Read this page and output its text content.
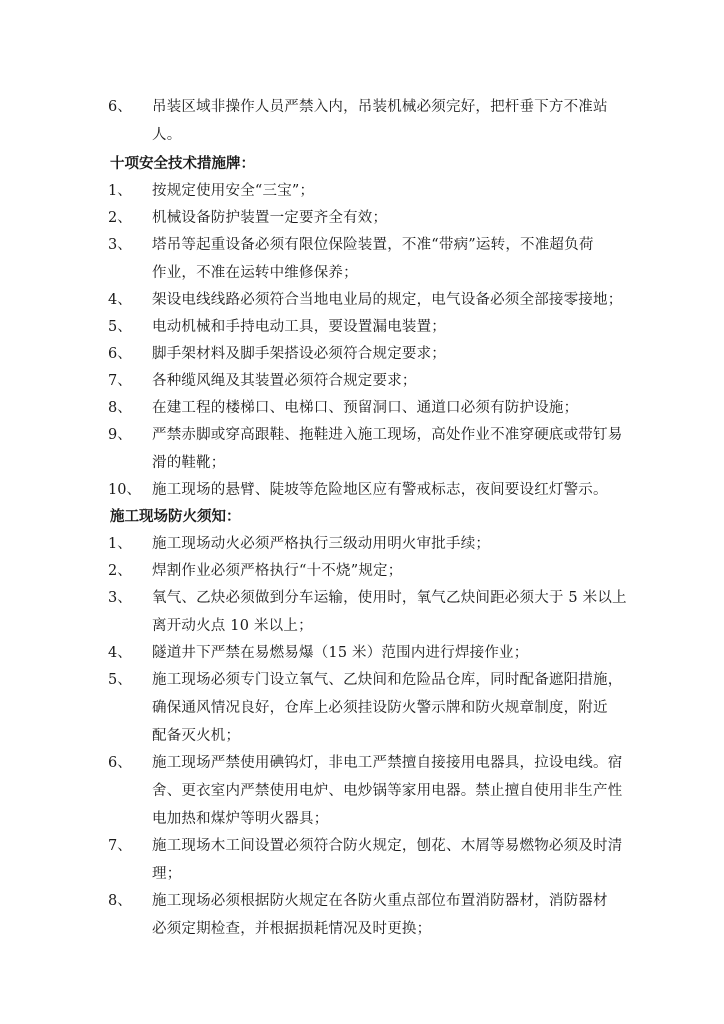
6、	吊装区域非操作人员严禁入内，吊装机械必须完好，把杆垂下方不准站
人。
十项安全技术措施牌：
1、	按规定使用安全“三宝”；
2、	机械设备防护装置一定要齐全有效；
3、	塔吊等起重设备必须有限位保险装置，不准“带病”运转，不准超负荷
作业，不准在运转中维修保养；
4、	架设电线线路必须符合当地电业局的规定，电气设备必须全部接零接地；
5、	电动机械和手持电动工具，要设置漏电装置；
6、	脚手架材料及脚手架搭设必须符合规定要求；
7、	各种缆风绳及其装置必须符合规定要求；
8、	在建工程的楼梯口、电梯口、预留洞口、通道口必须有防护设施；
9、	严禁赤脚或穿高跟鞋、拖鞋进入施工现场，高处作业不准穿硬底或带钉易
滑的鞋靴；
10、 施工现场的悬臂、陡坡等危险地区应有警戒标志，夜间要设红灯警示。
施工现场防火须知：
1、	施工现场动火必须严格执行三级动用明火审批手续；
2、	焊割作业必须严格执行“十不烧”规定；
3、	氧气、乙炔必须做到分车运输，使用时，氧气乙炔间距必须大于 5 米以上
离开动火点 10 米以上；
4、	隧道井下严禁在易燃易爆（15 米）范围内进行焊接作业；
5、	施工现场必须专门设立氧气、乙炔间和危险品仓库，同时配备遮阳措施，
确保通风情况良好，仓库上必须挂设防火警示牌和防火规章制度，附近
配备灭火机；
6、	施工现场严禁使用碘钨灯，非电工严禁擅自接接用电器具，拉设电线。宿
舍、更衣室内严禁使用电炉、电炒锅等家用电器。禁止擅自使用非生产性
电加热和煤炉等明火器具；
7、	施工现场木工间设置必须符合防火规定，刨花、木屑等易燃物必须及时清
理；
8、	施工现场必须根据防火规定在各防火重点部位布置消防器材，消防器材
必须定期检查，并根据损耗情况及时更换；
